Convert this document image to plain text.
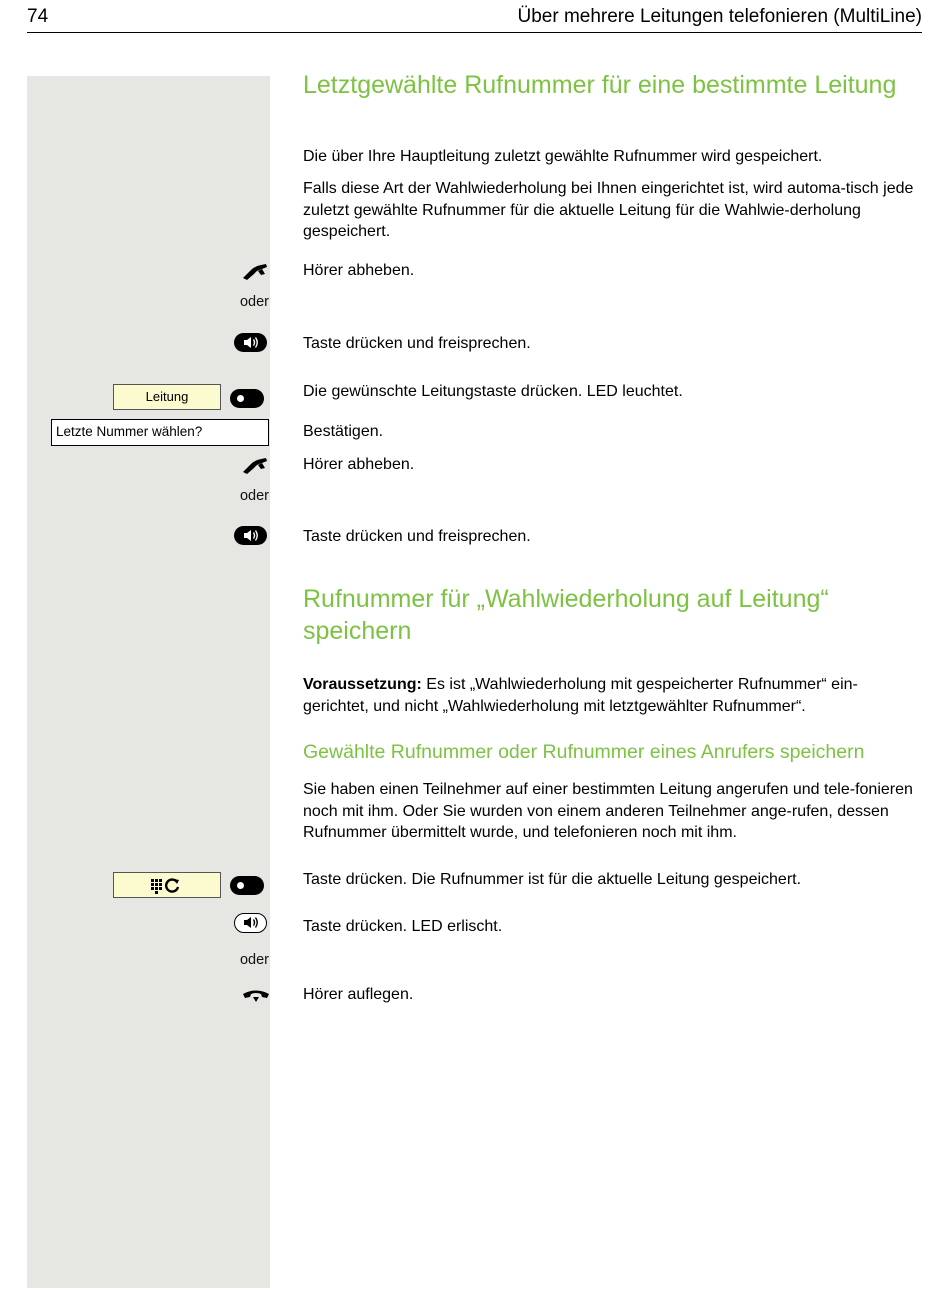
74	Über mehrere Leitungen telefonieren (MultiLine)
Letztgewählte Rufnummer für eine bestimmte Leitung
Die über Ihre Hauptleitung zuletzt gewählte Rufnummer wird gespeichert.
Falls diese Art der Wahlwiederholung bei Ihnen eingerichtet ist, wird automa-tisch jede zuletzt gewählte Rufnummer für die aktuelle Leitung für die Wahlwie-derholung gespeichert.
Hörer abheben.
oder
Taste drücken und freisprechen.
Leitung	Die gewünschte Leitungstaste drücken. LED leuchtet.
Letzte Nummer wählen?	Bestätigen.
Hörer abheben.
oder
Taste drücken und freisprechen.
Rufnummer für „Wahlwiederholung auf Leitung“ speichern
Voraussetzung: Es ist „Wahlwiederholung mit gespeicherter Rufnummer“ ein-gerichtet, und nicht „Wahlwiederholung mit letztgewählter Rufnummer“.
Gewählte Rufnummer oder Rufnummer eines Anrufers speichern
Sie haben einen Teilnehmer auf einer bestimmten Leitung angerufen und tele-fonieren noch mit ihm. Oder Sie wurden von einem anderen Teilnehmer ange-rufen, dessen Rufnummer übermittelt wurde, und telefonieren noch mit ihm.
Taste drücken. Die Rufnummer ist für die aktuelle Leitung gespeichert.
Taste drücken. LED erlischt.
oder
Hörer auflegen.
